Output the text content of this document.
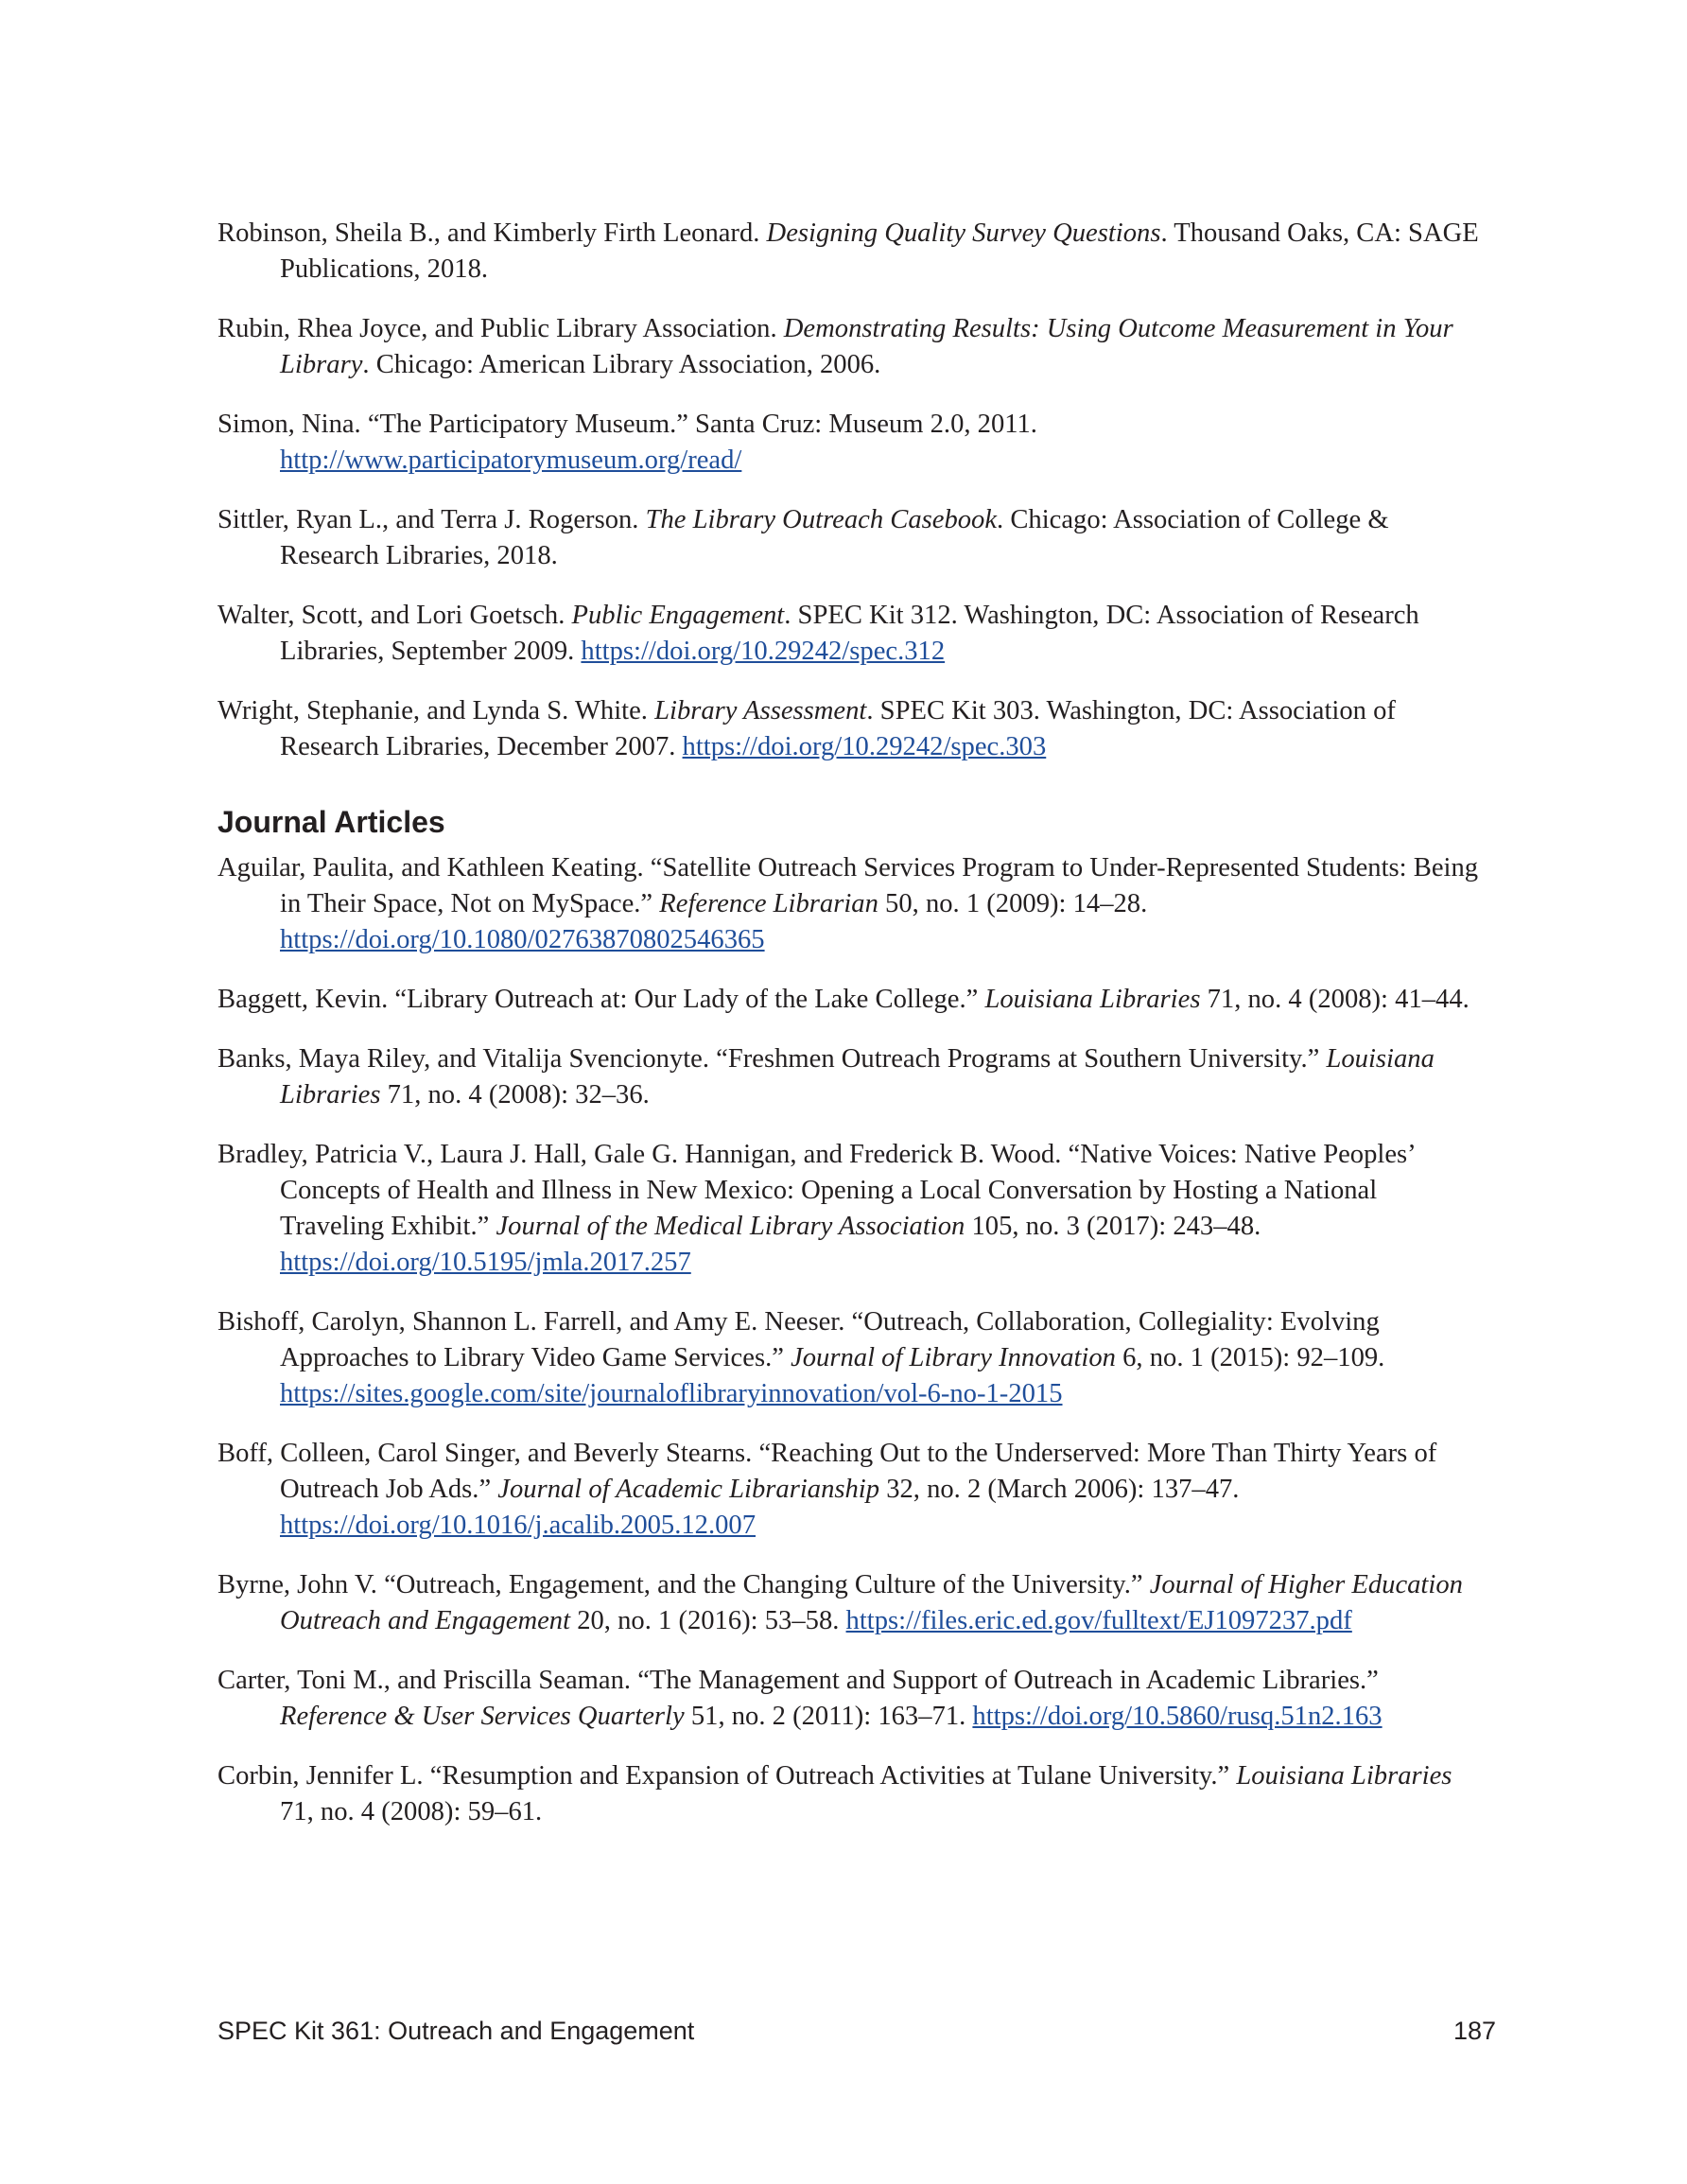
Robinson, Sheila B., and Kimberly Firth Leonard. Designing Quality Survey Questions. Thousand Oaks, CA: SAGE Publications, 2018.

Rubin, Rhea Joyce, and Public Library Association. Demonstrating Results: Using Outcome Measurement in Your Library. Chicago: American Library Association, 2006.

Simon, Nina. “The Participatory Museum.” Santa Cruz: Museum 2.0, 2011. http://www.participatorymuseum.org/read/

Sittler, Ryan L., and Terra J. Rogerson. The Library Outreach Casebook. Chicago: Association of College & Research Libraries, 2018.

Walter, Scott, and Lori Goetsch. Public Engagement. SPEC Kit 312. Washington, DC: Association of Research Libraries, September 2009. https://doi.org/10.29242/spec.312

Wright, Stephanie, and Lynda S. White. Library Assessment. SPEC Kit 303. Washington, DC: Association of Research Libraries, December 2007. https://doi.org/10.29242/spec.303

Journal Articles

Aguilar, Paulita, and Kathleen Keating. “Satellite Outreach Services Program to Under-Represented Students: Being in Their Space, Not on MySpace.” Reference Librarian 50, no. 1 (2009): 14–28. https://doi.org/10.1080/02763870802546365

Baggett, Kevin. “Library Outreach at: Our Lady of the Lake College.” Louisiana Libraries 71, no. 4 (2008): 41–44.

Banks, Maya Riley, and Vitalija Svencionyte. “Freshmen Outreach Programs at Southern University.” Louisiana Libraries 71, no. 4 (2008): 32–36.

Bradley, Patricia V., Laura J. Hall, Gale G. Hannigan, and Frederick B. Wood. “Native Voices: Native Peoples’ Concepts of Health and Illness in New Mexico: Opening a Local Conversation by Hosting a National Traveling Exhibit.” Journal of the Medical Library Association 105, no. 3 (2017): 243–48. https://doi.org/10.5195/jmla.2017.257

Bishoff, Carolyn, Shannon L. Farrell, and Amy E. Neeser. “Outreach, Collaboration, Collegiality: Evolving Approaches to Library Video Game Services.” Journal of Library Innovation 6, no. 1 (2015): 92–109. https://sites.google.com/site/journaloflibraryinnovation/vol-6-no-1-2015

Boff, Colleen, Carol Singer, and Beverly Stearns. “Reaching Out to the Underserved: More Than Thirty Years of Outreach Job Ads.” Journal of Academic Librarianship 32, no. 2 (March 2006): 137–47. https://doi.org/10.1016/j.acalib.2005.12.007

Byrne, John V. “Outreach, Engagement, and the Changing Culture of the University.” Journal of Higher Education Outreach and Engagement 20, no. 1 (2016): 53–58. https://files.eric.ed.gov/fulltext/EJ1097237.pdf

Carter, Toni M., and Priscilla Seaman. “The Management and Support of Outreach in Academic Libraries.” Reference & User Services Quarterly 51, no. 2 (2011): 163–71. https://doi.org/10.5860/rusq.51n2.163

Corbin, Jennifer L. “Resumption and Expansion of Outreach Activities at Tulane University.” Louisiana Libraries 71, no. 4 (2008): 59–61.

SPEC Kit 361: Outreach and Engagement	187
